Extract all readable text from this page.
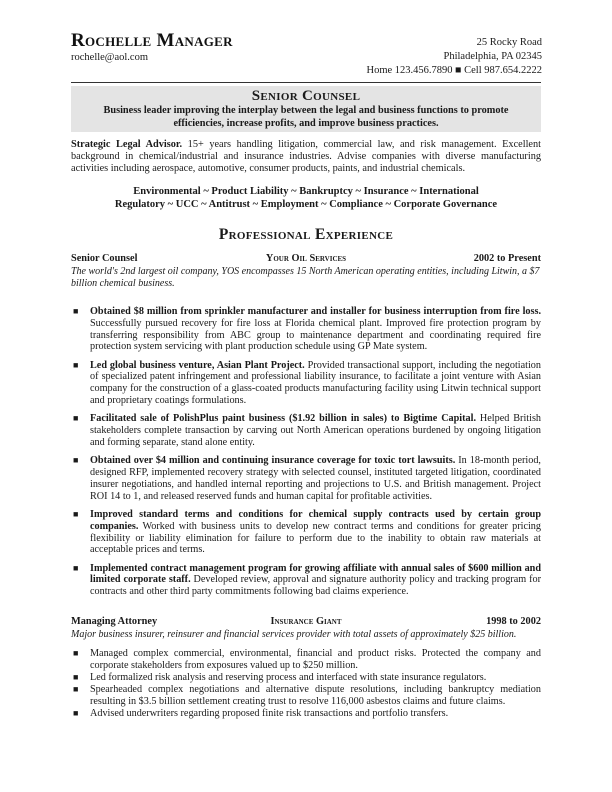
Rochelle Manager
rochelle@aol.com
25 Rocky Road
Philadelphia, PA 02345
Home 123.456.7890 ■ Cell 987.654.2222
Senior Counsel
Business leader improving the interplay between the legal and business functions to promote efficiencies, increase profits, and improve business practices.
Strategic Legal Advisor. 15+ years handling litigation, commercial law, and risk management. Excellent background in chemical/industrial and insurance industries. Advise companies with diverse manufacturing activities including aerospace, automotive, consumer products, paints, and industrial chemicals.
Environmental ~ Product Liability ~ Bankruptcy ~ Insurance ~ International
Regulatory ~ UCC ~ Antitrust ~ Employment ~ Compliance ~ Corporate Governance
Professional Experience
Senior Counsel	Your Oil Services	2002 to Present
The world's 2nd largest oil company, YOS encompasses 15 North American operating entities, including Litwin, a $7 billion chemical business.
■ Obtained $8 million from sprinkler manufacturer and installer for business interruption from fire loss. Successfully pursued recovery for fire loss at Florida chemical plant. Improved fire protection program by transferring responsibility from ABC group to maintenance department and coordinating required fire protection system servicing with plant production schedule using GP Mate system.
■ Led global business venture, Asian Plant Project. Provided transactional support, including the negotiation of specialized patent infringement and professional liability insurance, to facilitate a joint venture with Asian company for the construction of a glass-coated products manufacturing facility using Litwin technical support and proprietary coatings formulations.
■ Facilitated sale of PolishPlus paint business ($1.92 billion in sales) to Bigtime Capital. Helped British stakeholders complete transaction by carving out North American operations burdened by ongoing litigation and forming separate, stand alone entity.
■ Obtained over $4 million and continuing insurance coverage for toxic tort lawsuits. In 18-month period, designed RFP, implemented recovery strategy with selected counsel, instituted targeted litigation, coordinated insurer negotiations, and handled internal reporting and projections to U.S. and British management. Project ROI 14 to 1, and released reserved funds and human capital for profitable activities.
■ Improved standard terms and conditions for chemical supply contracts used by certain group companies. Worked with business units to develop new contract terms and conditions for greater pricing flexibility or liability elimination for failure to perform due to the inability to obtain raw materials at acceptable prices and terms.
■ Implemented contract management program for growing affiliate with annual sales of $600 million and limited corporate staff. Developed review, approval and signature authority policy and tracking program for contracts and other third party commitments following bad claims experience.
Managing Attorney	Insurance Giant	1998 to 2002
Major business insurer, reinsurer and financial services provider with total assets of approximately $25 billion.
■ Managed complex commercial, environmental, financial and product risks. Protected the company and corporate stakeholders from exposures valued up to $250 million.
■ Led formalized risk analysis and reserving process and interfaced with state insurance regulators.
■ Spearheaded complex negotiations and alternative dispute resolutions, including bankruptcy mediation resulting in $3.5 billion settlement creating trust to resolve 116,000 asbestos claims and future claims.
■ Advised underwriters regarding proposed finite risk transactions and portfolio transfers.
